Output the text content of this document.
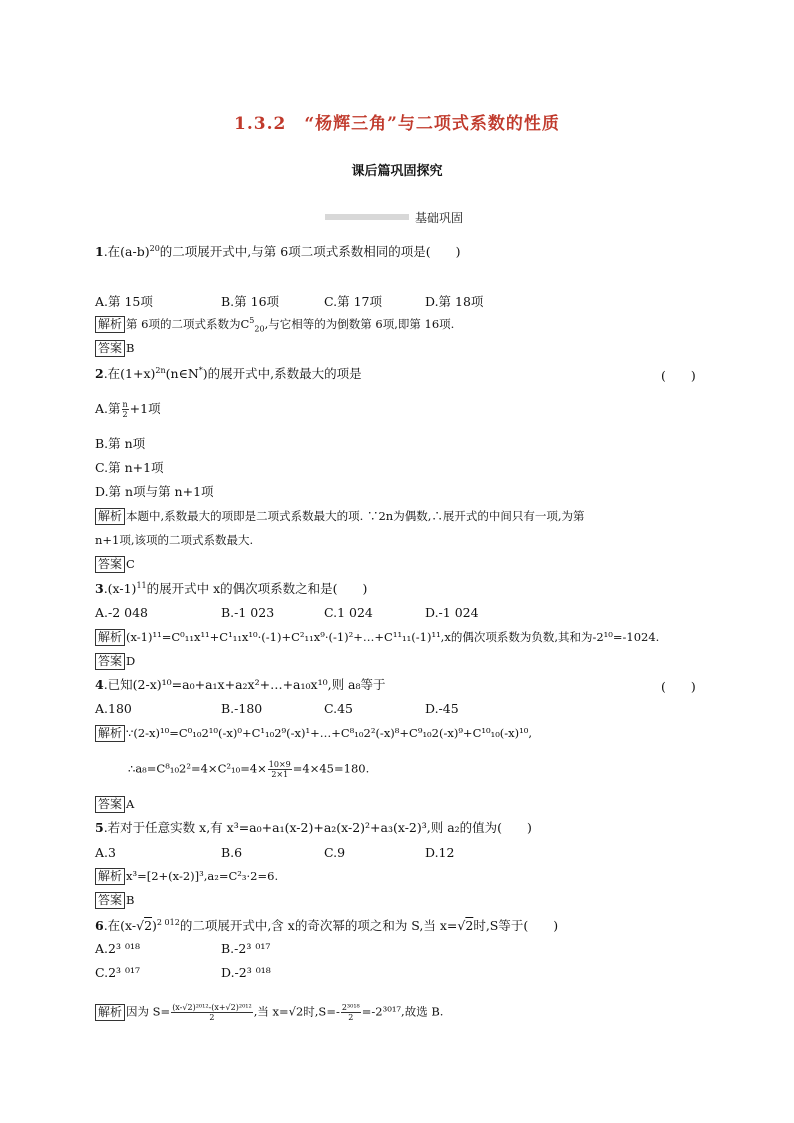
1.3.2　“杨辉三角”与二项式系数的性质
课后篇巩固探究
基础巩固
1.在$(a-b)^{20}$的二项展开式中,与第 6项二项式系数相同的项是(　　)
A.第 15项	B.第 16项	C.第 17项	D.第 18项
解析 第 6项的二项式系数为$C^5_{20}$,与它相等的为倒数第 6项,即第 16项.
答案 B
2.在$(1+x)^{2n}(n\in N^*)$的展开式中,系数最大的项是	(　　)
A.第 $\frac{n}{2} +1$项
B.第 n项
C.第 n+1项
D.第 n项与第 n+1项
解析 本题中,系数最大的项即是二项式系数最大的项. ∵2n为偶数,∴展开式的中间只有一项,为第
n+1项,该项的二项式系数最大.
答案 C
$3.(x-1)^{11}$的展开式中 x的偶次项系数之和是(　　)
A.-2 048	B.-1 023	C.1 024	D.-1 024
解析 (x-1)¹¹=C⁰₁₁x¹¹+C¹₁₁x¹⁰·(-1)+C²₁₁x⁹·(-1)²+…+C¹¹₁₁(-1)¹¹,x的偶次项系数为负数,其和为-2¹⁰=-1024.
答案 D
4.已知(2-x)¹⁰=a₀+a₁x+a₂x²+…+a₁₀x¹⁰,则 a₈等于	(　　)
A.180	B.-180	C.45	D.-45
解析 ∵(2-x)¹⁰=C⁰₁₀2¹⁰(-x)⁰+C¹₁₀2⁹(-x)¹+…+C⁸₁₀2²(-x)⁸+C⁹₁₀2(-x)⁹+C¹⁰₁₀(-x)¹⁰,
∴a₈=C⁸₁₀2²=4×C²₁₀=4× $\frac{10\times 9}{2\times 1} =4\times 45=180$.
答案 A
5.若对于任意实数 x,有 x³=a₀+a₁(x-2)+a₂(x-2)²+a₃(x-2)³,则 a₂的值为(　　)
A.3	B.6	C.9	D.12
解析 x³=[2+(x-2)]³,a₂=C²₃·2=6.
答案 B
6.在$(x-√2)^{2 012}$的二项展开式中,含 x的奇次幂的项之和为 S,当 x=√2时,S等于(　　)
A.2³ ⁰¹⁸	B.-2³ ⁰¹⁷
C.2³ ⁰¹⁷	D.-2³ ⁰¹⁸
解析 因为 $S= \frac{\text{(x-√2)²⁰¹²-(x+√2)²⁰¹²}}{2}$ ,当 x=√2时$,S=- \frac{\text{2³⁰¹⁸}}{2} =-2^{3017}$,故选 B.
